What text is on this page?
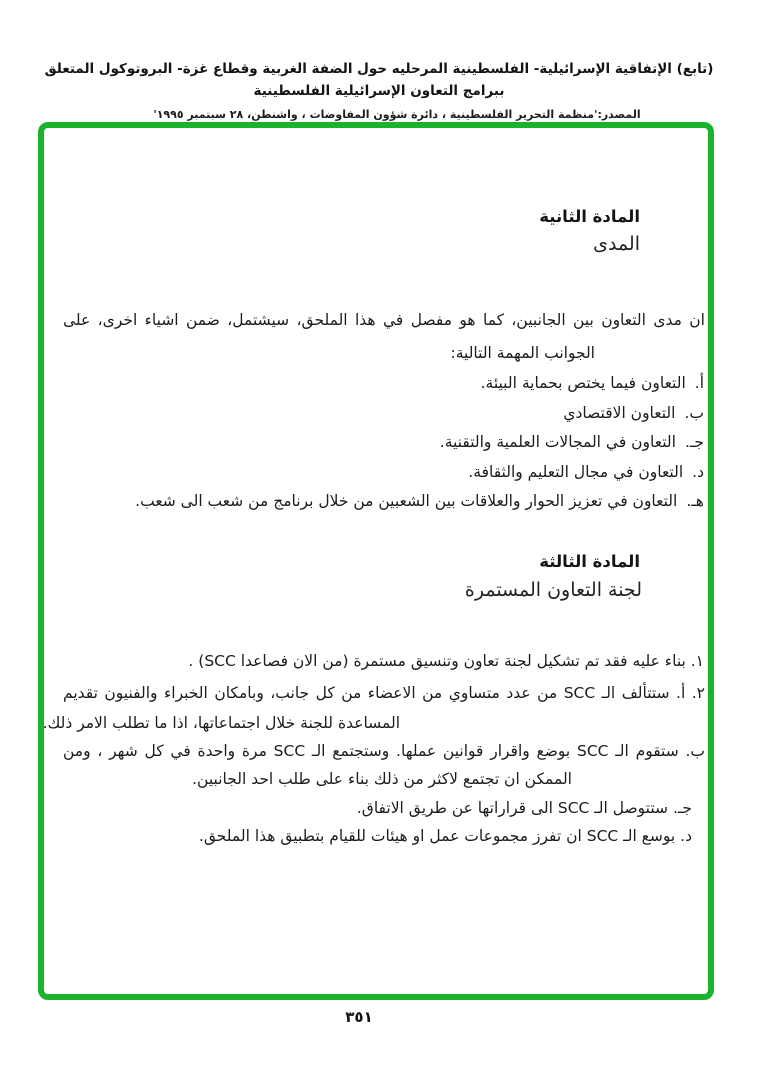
(تابع) الإتفاقية الإسرائيلية- الفلسطينية المرحليه حول الضفة الغربية وقطاع غزة- البروتوكول المتعلق ببرامج التعاون الإسرائيلية الفلسطينية
المصدر:'منظمة التحرير الفلسطينية ، دائرة شؤون المفاوضات ، واشنطن، ٢٨ سبتمبر ١٩٩٥'
المادة الثانية
المدى
ان مدى التعاون بين الجانبين، كما هو مفصل في هذا الملحق، سيشتمل، ضمن اشياء اخرى، على
الجوانب المهمة التالية:
أ.التعاون فيما يختص بحماية البيئة.
ب.التعاون الاقتصادي
جـ.التعاون في المجالات العلمية والتقنية.
د.التعاون في مجال التعليم والثقافة.
هـ.التعاون في تعزيز الحوار والعلاقات بين الشعبين من خلال برنامج من شعب الى شعب.
المادة الثالثة
لجنة التعاون المستمرة
١. بناء عليه فقد تم تشكيل لجنة تعاون وتنسيق مستمرة (من الان فصاعدا SCC) .
٢. أ. ستتألف الـ SCC من عدد متساوي من الاعضاء من كل جانب، وبامكان الخبراء والفنيون تقديم
المساعدة للجنة خلال اجتماعاتها، اذا ما تطلب الامر ذلك.
ب. ستقوم الـ SCC بوضع واقرار قوانين عملها. وستجتمع الـ SCC مرة واحدة في كل شهر ، ومن
الممكن ان تجتمع لاكثر من ذلك بناء على طلب احد الجانبين.
جـ. ستتوصل الـ SCC الى قراراتها عن طريق الاتفاق.
د. بوسع الـ SCC ان تفرز مجموعات عمل او هيئات للقيام بتطبيق هذا الملحق.
٣٥١
